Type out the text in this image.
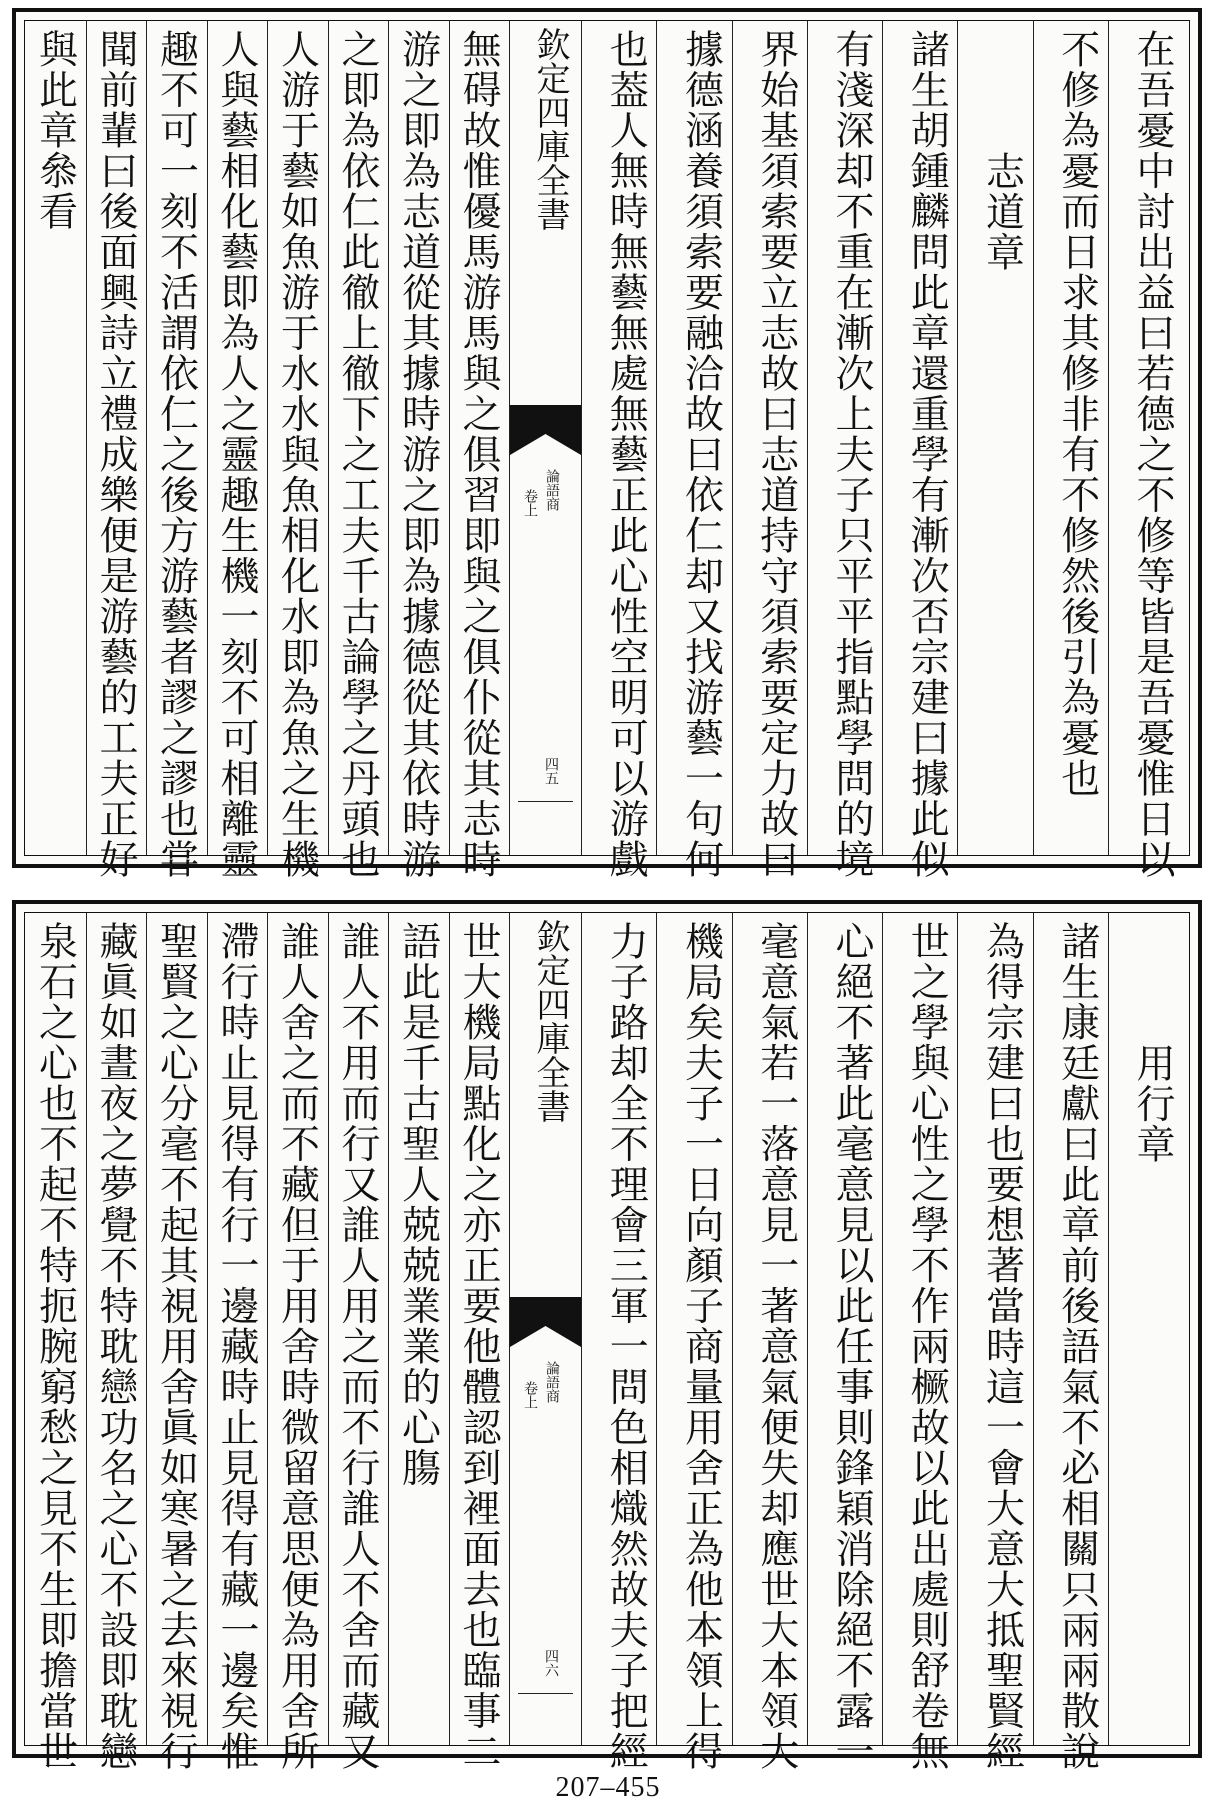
在吾憂中討出益曰若德之不修等皆是吾憂惟日以
不修為憂而日求其修非有不修然後引為憂也
志道章
諸生胡鍾麟問此章還重學有漸次否宗建曰據此似
有淺深却不重在漸次上夫子只平平指點學問的境
界始基須索要立志故曰志道持守須索要定力故曰
據德涵養須索要融洽故曰依仁却又找游藝一句何
也葢人無時無藝無處無藝正此心性空明可以游戲
欽定四庫全書
論語商
卷上
四五
無碍故惟優馬游馬與之俱習即與之俱仆從其志時
游之即為志道從其據時游之即為據德從其依時游
之即為依仁此徹上徹下之工夫千古論學之丹頭也
人游于藝如魚游于水水與魚相化水即為魚之生機
人與藝相化藝即為人之靈趣生機一刻不可相離靈
趣不可一刻不活謂依仁之後方游藝者謬之謬也甞
聞前輩曰後面興詩立禮成樂便是游藝的工夫正好
與此章叅看
用行章
諸生康廷獻曰此章前後語氣不必相關只兩兩散說
為得宗建曰也要想著當時這一會大意大抵聖賢經
世之學與心性之學不作兩橛故以此出處則舒卷無
心絕不著此毫意見以此任事則鋒穎消除絕不露一
毫意氣若一落意見一著意氣便失却應世大本領大
機局矣夫子一日向顏子商量用舍正為他本領上得
力子路却全不理會三軍一問色相熾然故夫子把經
欽定四庫全書
論語商
卷上
四六
世大機局點化之亦正要他體認到裡面去也臨事二
語此是千古聖人兢兢業業的心膓
誰人不用而行又誰人用之而不行誰人不舍而藏又
誰人舍之而不藏但于用舍時微留意思便為用舍所
滯行時止見得有行一邊藏時止見得有藏一邊矣惟
聖賢之心分毫不起其視用舍眞如寒暑之去來視行
藏眞如晝夜之夢覺不特耽戀功名之心不設即耽戀
泉石之心也不起不特扼腕窮愁之見不生即擔當世
207–455
